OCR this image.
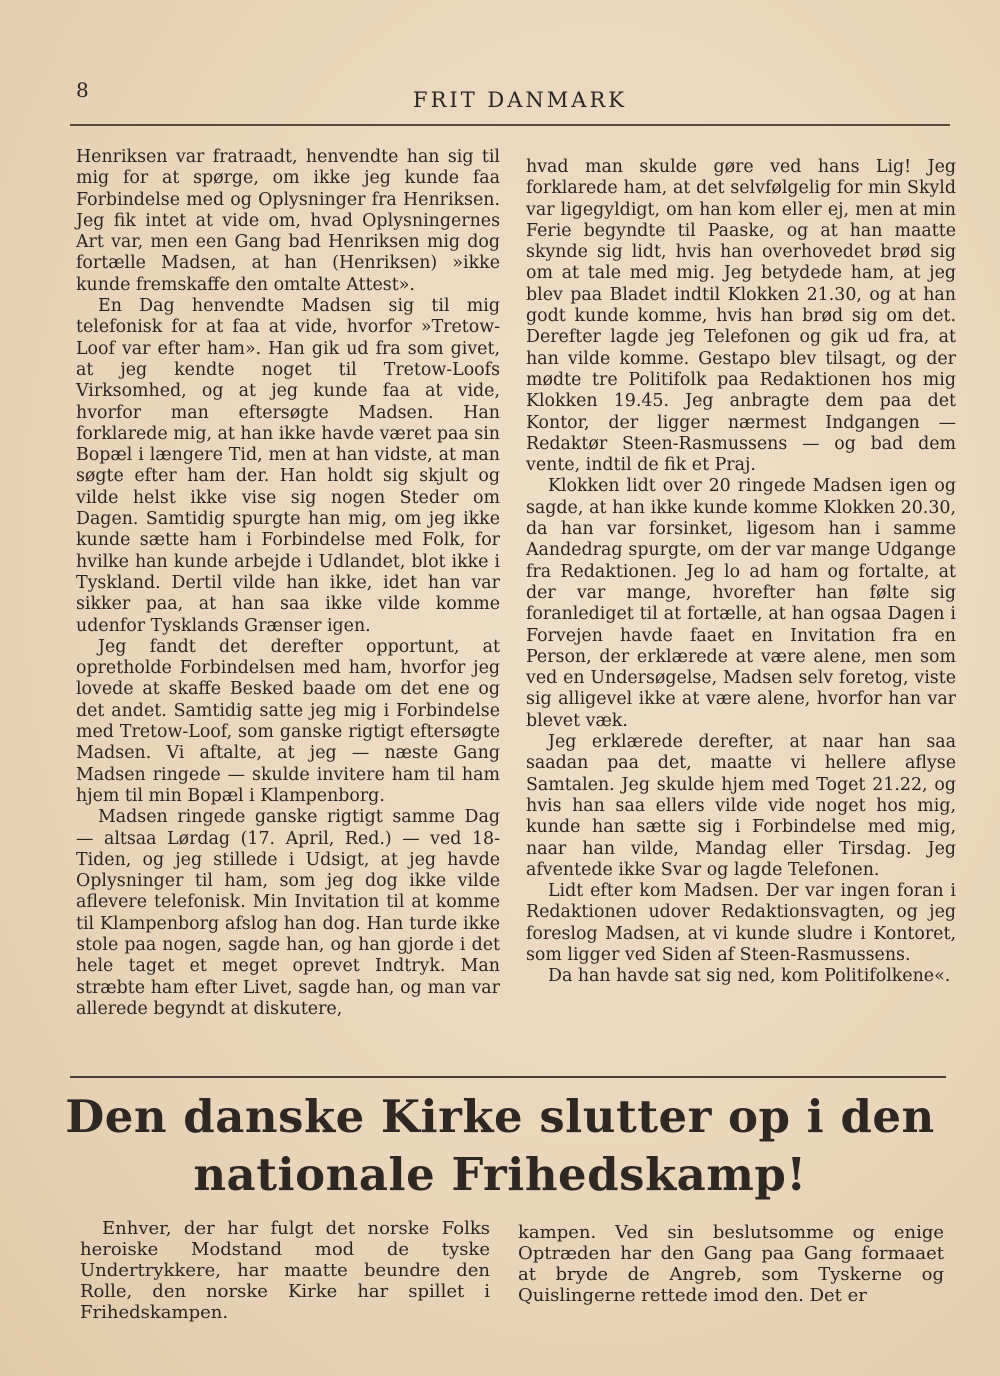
8	FRIT DANMARK

Henriksen var fratraadt, henvendte han sig til mig for at spørge, om ikke jeg kunde faa Forbindelse med og Oplysninger fra Henriksen. Jeg fik intet at vide om, hvad Oplysningernes Art var, men een Gang bad Henriksen mig dog fortælle Madsen, at han (Henriksen) »ikke kunde fremskaffe den omtalte Attest».

En Dag henvendte Madsen sig til mig telefonisk for at faa at vide, hvorfor »Tretow-Loof var efter ham». Han gik ud fra som givet, at jeg kendte noget til Tretow-Loofs Virksomhed, og at jeg kunde faa at vide, hvorfor man eftersøgte Madsen. Han forklarede mig, at han ikke havde været paa sin Bopæl i længere Tid, men at han vidste, at man søgte efter ham der. Han holdt sig skjult og vilde helst ikke vise sig nogen Steder om Dagen. Samtidig spurgte han mig, om jeg ikke kunde sætte ham i Forbindelse med Folk, for hvilke han kunde arbejde i Udlandet, blot ikke i Tyskland. Dertil vilde han ikke, idet han var sikker paa, at han saa ikke vilde komme udenfor Tysklands Grænser igen.

Jeg fandt det derefter opportunt, at opretholde Forbindelsen med ham, hvorfor jeg lovede at skaffe Besked baade om det ene og det andet. Samtidig satte jeg mig i Forbindelse med Tretow-Loof, som ganske rigtigt eftersøgte Madsen. Vi aftalte, at jeg — næste Gang Madsen ringede — skulde invitere ham til ham hjem til min Bopæl i Klampenborg.

Madsen ringede ganske rigtigt samme Dag — altsaa Lørdag (17. April, Red.) — ved 18-Tiden, og jeg stillede i Udsigt, at jeg havde Oplysninger til ham, som jeg dog ikke vilde aflevere telefonisk. Min Invitation til at komme til Klampenborg afslog han dog. Han turde ikke stole paa nogen, sagde han, og han gjorde i det hele taget et meget oprevet Indtryk. Man stræbte ham efter Livet, sagde han, og man var allerede begyndt at diskutere,

hvad man skulde gøre ved hans Lig! Jeg forklarede ham, at det selvfølgelig for min Skyld var ligegyldigt, om han kom eller ej, men at min Ferie begyndte til Paaske, og at han maatte skynde sig lidt, hvis han overhovedet brød sig om at tale med mig. Jeg betydede ham, at jeg blev paa Bladet indtil Klokken 21.30, og at han godt kunde komme, hvis han brød sig om det. Derefter lagde jeg Telefonen og gik ud fra, at han vilde komme. Gestapo blev tilsagt, og der mødte tre Politifolk paa Redaktionen hos mig Klokken 19.45. Jeg anbragte dem paa det Kontor, der ligger nærmest Indgangen — Redaktør Steen-Rasmussens — og bad dem vente, indtil de fik et Praj.

Klokken lidt over 20 ringede Madsen igen og sagde, at han ikke kunde komme Klokken 20.30, da han var forsinket, ligesom han i samme Aandedrag spurgte, om der var mange Udgange fra Redaktionen. Jeg lo ad ham og fortalte, at der var mange, hvorefter han følte sig foranlediget til at fortælle, at han ogsaa Dagen i Forvejen havde faaet en Invitation fra en Person, der erklærede at være alene, men som ved en Undersøgelse, Madsen selv foretog, viste sig alligevel ikke at være alene, hvorfor han var blevet væk.

Jeg erklærede derefter, at naar han saa saadan paa det, maatte vi hellere aflyse Samtalen. Jeg skulde hjem med Toget 21.22, og hvis han saa ellers vilde vide noget hos mig, kunde han sætte sig i Forbindelse med mig, naar han vilde, Mandag eller Tirsdag. Jeg afventede ikke Svar og lagde Telefonen.

Lidt efter kom Madsen. Der var ingen foran i Redaktionen udover Redaktionsvagten, og jeg foreslog Madsen, at vi kunde sludre i Kontoret, som ligger ved Siden af Steen-Rasmussens.

Da han havde sat sig ned, kom Politifolkene«.

Den danske Kirke slutter op i den
nationale Frihedskamp!

Enhver, der har fulgt det norske Folks heroiske Modstand mod de tyske Undertrykkere, har maatte beundre den Rolle, den norske Kirke har spillet i Frihedskampen.

kampen. Ved sin beslutsomme og enige Optræden har den Gang paa Gang formaaet at bryde de Angreb, som Tyskerne og Quislingerne rettede imod den. Det er
